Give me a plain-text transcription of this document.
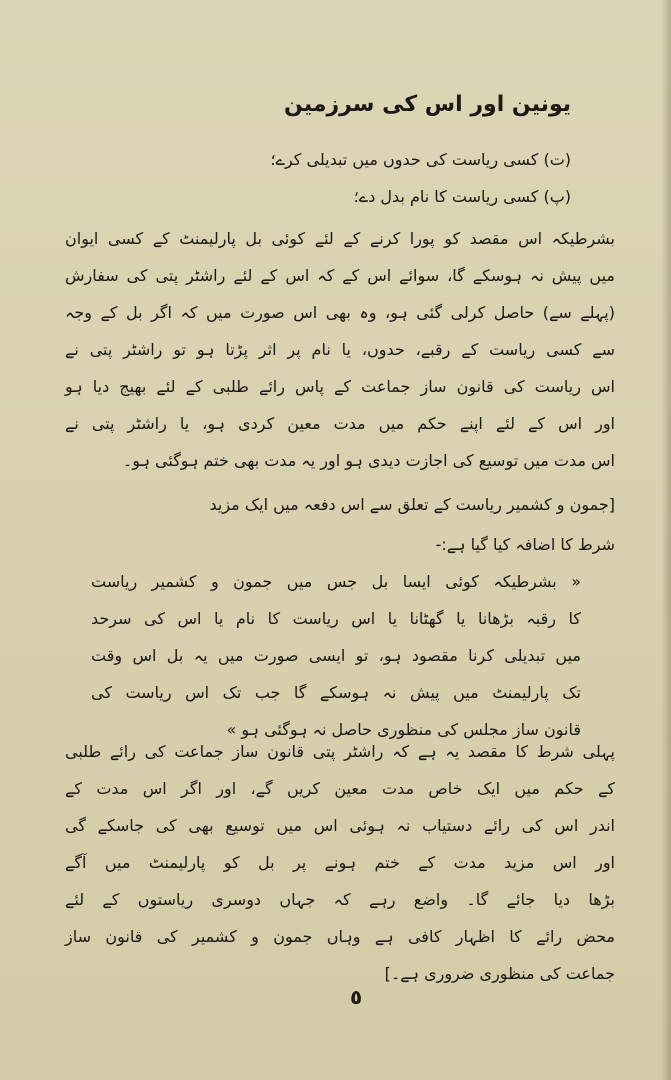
یونین اور اس کی سرزمین
(ت) کسی ریاست کی حدوں میں تبدیلی کرے؛
(پ) کسی ریاست کا نام بدل دے؛
بشرطیکہ اس مقصد کو پورا کرنے کے لئے کوئی بل پارلیمنٹ کے کسی ایوان
میں پیش نہ ہوسکے گا، سوائے اس کے کہ اس کے لئے راشٹر پتی کی سفارش
(پہلے سے) حاصل کرلی گئی ہو، وہ بھی اس صورت میں کہ اگر بل کے وجہ
سے کسی ریاست کے رقبے، حدوں، یا نام پر اثر پڑتا ہو تو راشٹر پتی نے
اس ریاست کی قانون ساز جماعت کے پاس رائے طلبی کے لئے بھیج دیا ہو
اور اس کے لئے اپنے حکم میں مدت معین کردی ہو، یا راشٹر پتی نے
اس مدت میں توسیع کی اجازت دیدی ہو اور یہ مدت بھی ختم ہوگئی ہو۔
[جمون و کشمیر ریاست کے تعلق سے اس دفعہ میں ایک مزید
شرط کا اضافہ کیا گیا ہے:-
« بشرطیکہ کوئی ایسا بل جس میں جمون و کشمیر ریاست
کا رقبہ بڑھانا یا گھٹانا یا اس ریاست کا نام یا اس کی سرحد
میں تبدیلی کرنا مقصود ہو، تو ایسی صورت میں یہ بل اس وقت
تک پارلیمنٹ میں پیش نہ ہوسکے گا جب تک اس ریاست کی
قانون ساز مجلس کی منظوری حاصل نہ ہوگئی ہو »
پہلی شرط کا مقصد یہ ہے کہ راشٹر پتی قانون ساز جماعت کی رائے طلبی
کے حکم میں ایک خاص مدت معین کریں گے، اور اگر اس مدت کے
اندر اس کی رائے دستیاب نہ ہوئی اس میں توسیع بھی کی جاسکے گی
اور اس مزید مدت کے ختم ہونے پر بل کو پارلیمنٹ میں آگے
بڑھا دیا جائے گا۔ واضع رہے کہ جہاں دوسری ریاستوں کے لئے
محض رائے کا اظہار کافی ہے وہاں جمون و کشمیر کی قانون ساز
جماعت کی منظوری ضروری ہے۔]
٥
